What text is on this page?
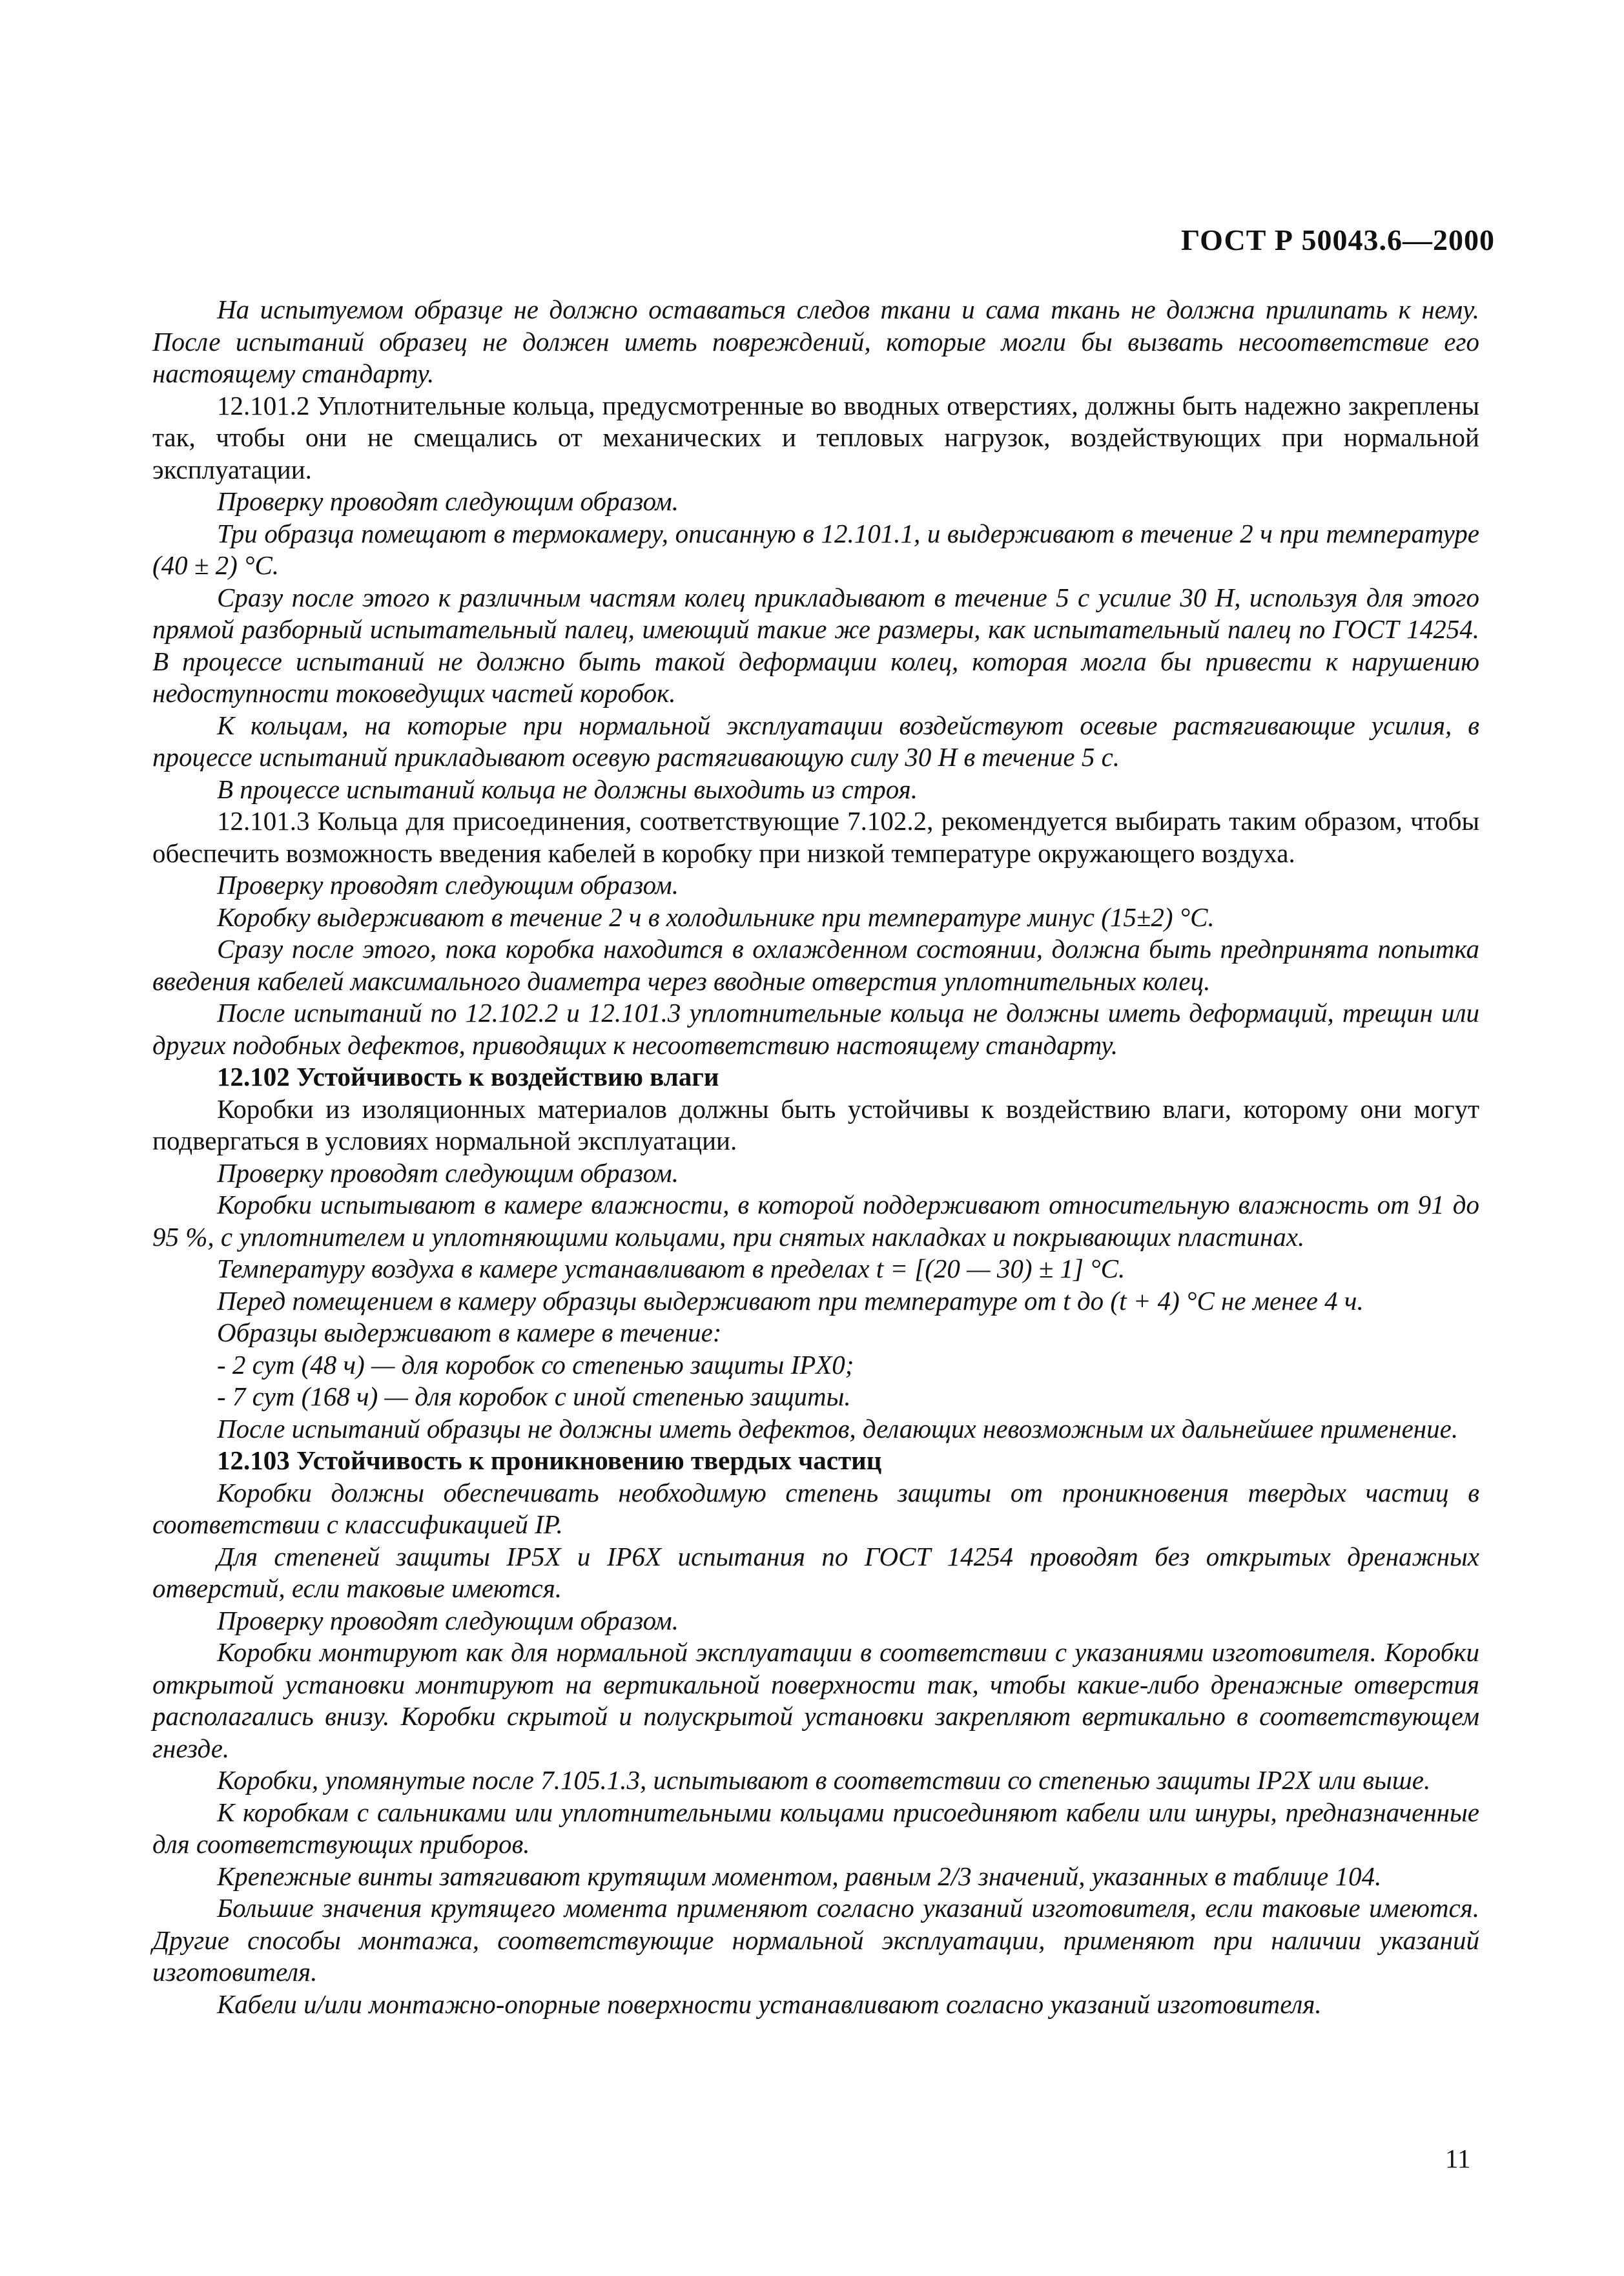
ГОСТ Р 50043.6—2000

На испытуемом образце не должно оставаться следов ткани и сама ткань не должна прилипать к нему. После испытаний образец не должен иметь повреждений, которые могли бы вызвать несоответствие его настоящему стандарту.

12.101.2 Уплотнительные кольца, предусмотренные во вводных отверстиях, должны быть надежно закреплены так, чтобы они не смещались от механических и тепловых нагрузок, воздействующих при нормальной эксплуатации.

Проверку проводят следующим образом.

Три образца помещают в термокамеру, описанную в 12.101.1, и выдерживают в течение 2 ч при температуре (40 ± 2) °С.

Сразу после этого к различным частям колец прикладывают в течение 5 с усилие 30 Н, используя для этого прямой разборный испытательный палец, имеющий такие же размеры, как испытательный палец по ГОСТ 14254. В процессе испытаний не должно быть такой деформации колец, которая могла бы привести к нарушению недоступности токоведущих частей коробок.

К кольцам, на которые при нормальной эксплуатации воздействуют осевые растягивающие усилия, в процессе испытаний прикладывают осевую растягивающую силу 30 Н в течение 5 с.

В процессе испытаний кольца не должны выходить из строя.

12.101.3 Кольца для присоединения, соответствующие 7.102.2, рекомендуется выбирать таким образом, чтобы обеспечить возможность введения кабелей в коробку при низкой температуре окружающего воздуха.

Проверку проводят следующим образом.

Коробку выдерживают в течение 2 ч в холодильнике при температуре минус (15±2) °С.

Сразу после этого, пока коробка находится в охлажденном состоянии, должна быть предпринята попытка введения кабелей максимального диаметра через вводные отверстия уплотнительных колец.

После испытаний по 12.102.2 и 12.101.3 уплотнительные кольца не должны иметь деформаций, трещин или других подобных дефектов, приводящих к несоответствию настоящему стандарту.

12.102 Устойчивость к воздействию влаги

Коробки из изоляционных материалов должны быть устойчивы к воздействию влаги, которому они могут подвергаться в условиях нормальной эксплуатации.

Проверку проводят следующим образом.

Коробки испытывают в камере влажности, в которой поддерживают относительную влажность от 91 до 95 %, с уплотнителем и уплотняющими кольцами, при снятых накладках и покрывающих пластинах.

Температуру воздуха в камере устанавливают в пределах t = [(20 — 30) ± 1] °С.

Перед помещением в камеру образцы выдерживают при температуре от t до (t + 4) °С не менее 4 ч.

Образцы выдерживают в камере в течение:

- 2 сут (48 ч) — для коробок со степенью защиты IPX0;

- 7 сут (168 ч) — для коробок с иной степенью защиты.

После испытаний образцы не должны иметь дефектов, делающих невозможным их дальнейшее применение.

12.103 Устойчивость к проникновению твердых частиц

Коробки должны обеспечивать необходимую степень защиты от проникновения твердых частиц в соответствии с классификацией IP.

Для степеней защиты IP5X и IP6X испытания по ГОСТ 14254 проводят без открытых дренажных отверстий, если таковые имеются.

Проверку проводят следующим образом.

Коробки монтируют как для нормальной эксплуатации в соответствии с указаниями изготовителя. Коробки открытой установки монтируют на вертикальной поверхности так, чтобы какие-либо дренажные отверстия располагались внизу. Коробки скрытой и полускрытой установки закрепляют вертикально в соответствующем гнезде.

Коробки, упомянутые после 7.105.1.3, испытывают в соответствии со степенью защиты IP2X или выше.

К коробкам с сальниками или уплотнительными кольцами присоединяют кабели или шнуры, предназначенные для соответствующих приборов.

Крепежные винты затягивают крутящим моментом, равным 2/3 значений, указанных в таблице 104.

Большие значения крутящего момента применяют согласно указаний изготовителя, если таковые имеются. Другие способы монтажа, соответствующие нормальной эксплуатации, применяют при наличии указаний изготовителя.

Кабели и/или монтажно-опорные поверхности устанавливают согласно указаний изготовителя.

11
